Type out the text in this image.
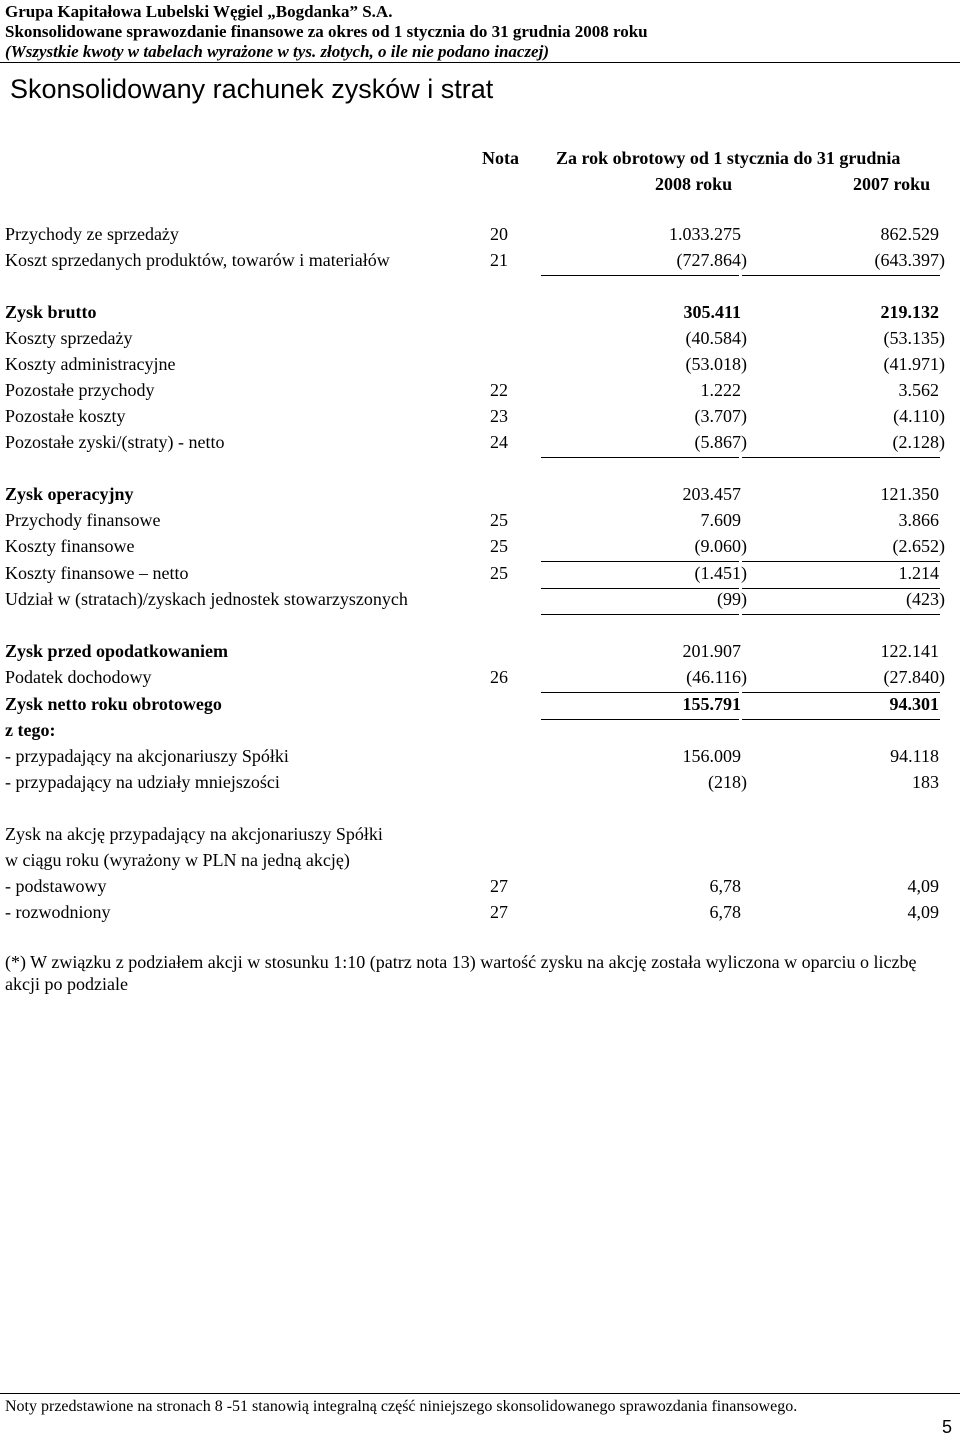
Grupa Kapitałowa Lubelski Węgiel „Bogdanka” S.A.
Skonsolidowane sprawozdanie finansowe za okres od 1 stycznia do 31 grudnia 2008 roku
(Wszystkie kwoty w tabelach wyrażone w tys. złotych, o ile nie podano inaczej)
Skonsolidowany rachunek zysków i strat
Nota Za rok obrotowy od 1 stycznia do 31 grudnia
2008 roku	2007 roku
Przychody ze sprzedaży	20	1.033.275	862.529
Koszt sprzedanych produktów, towarów i materiałów	21	(727.864)	(643.397)
Zysk brutto	305.411	219.132
Koszty sprzedaży	(40.584)	(53.135)
Koszty administracyjne	(53.018)	(41.971)
Pozostałe przychody	22	1.222	3.562
Pozostałe koszty	23	(3.707)	(4.110)
Pozostałe zyski/(straty) - netto	24	(5.867)	(2.128)
Zysk operacyjny	203.457	121.350
Przychody finansowe	25	7.609	3.866
Koszty finansowe	25	(9.060)	(2.652)
Koszty finansowe – netto	25	(1.451)	1.214
Udział w (stratach)/zyskach jednostek stowarzyszonych	(99)	(423)
Zysk przed opodatkowaniem	201.907	122.141
Podatek dochodowy	26	(46.116)	(27.840)
Zysk netto roku obrotowego	155.791	94.301
z tego:
- przypadający na akcjonariuszy Spółki	156.009	94.118
- przypadający na udziały mniejszości	(218)	183
Zysk na akcję przypadający na akcjonariuszy Spółki
w ciągu roku (wyrażony w PLN na jedną akcję)
- podstawowy	27	6,78	4,09
- rozwodniony	27	6,78	4,09
(*) W związku z podziałem akcji w stosunku 1:10 (patrz nota 13) wartość zysku na akcję została wyliczona w oparciu o liczbę akcji po podziale
Noty przedstawione na stronach 8 -51 stanowią integralną część niniejszego skonsolidowanego sprawozdania finansowego.
5
